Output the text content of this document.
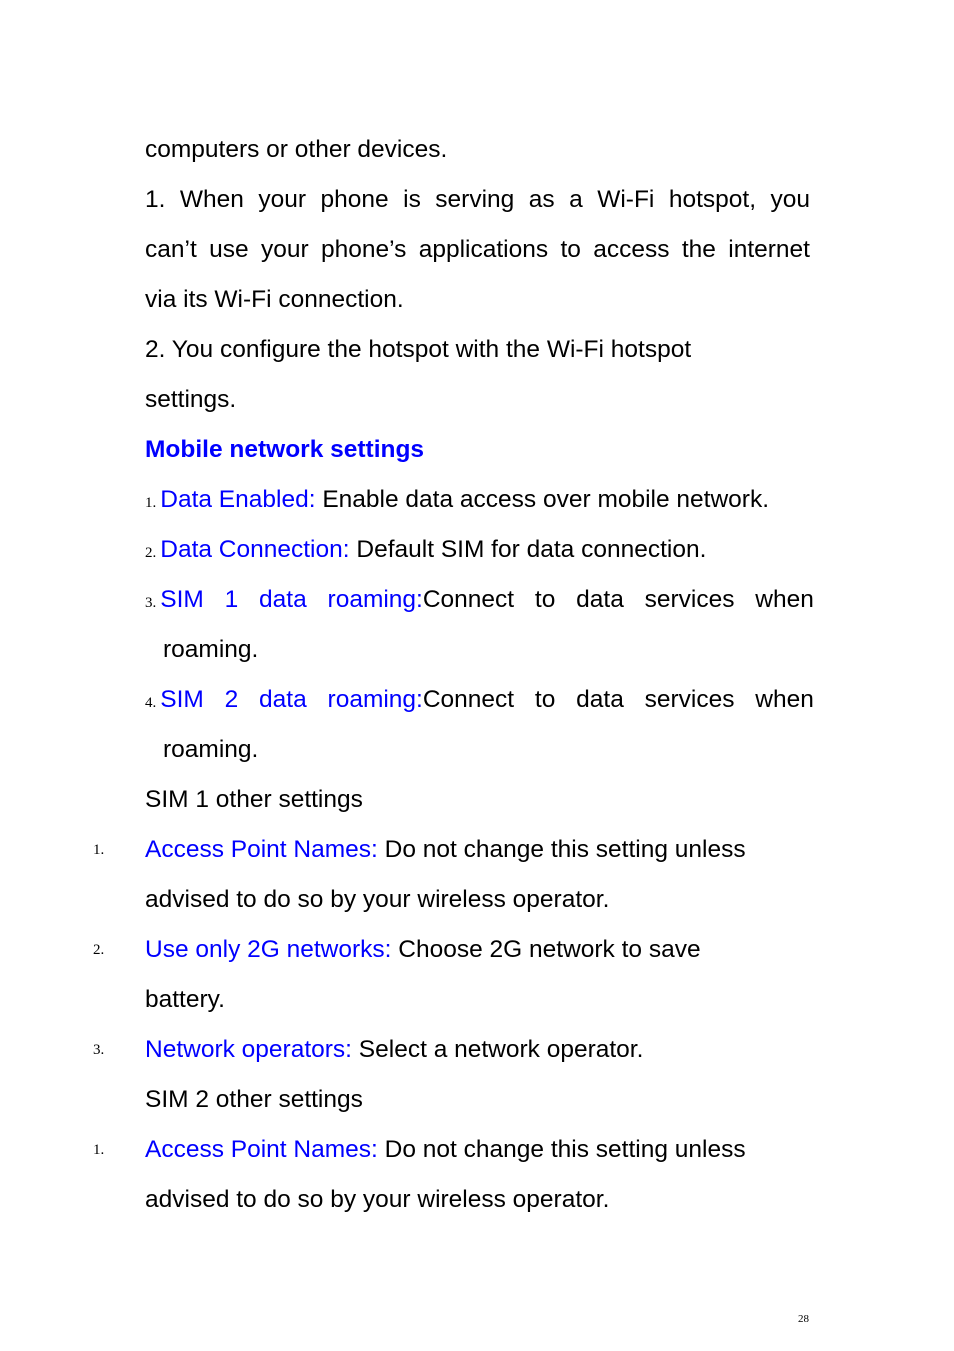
computers or other devices.
1. When your phone is serving as a Wi-Fi hotspot, you
can’t use your phone’s applications to access the internet
via its Wi-Fi connection.
2. You configure the hotspot with the Wi-Fi hotspot
settings.
Mobile network settings
1. Data Enabled: Enable data access over mobile network.
2. Data Connection: Default SIM for data connection.
3. SIM 1 data roaming: Connect to data services when
roaming.
4. SIM 2 data roaming: Connect to data services when
roaming.
SIM 1 other settings
1. Access Point Names: Do not change this setting unless
advised to do so by your wireless operator.
2. Use only 2G networks: Choose 2G network to save
battery.
3. Network operators: Select a network operator.
SIM 2 other settings
1. Access Point Names: Do not change this setting unless
advised to do so by your wireless operator.
28
